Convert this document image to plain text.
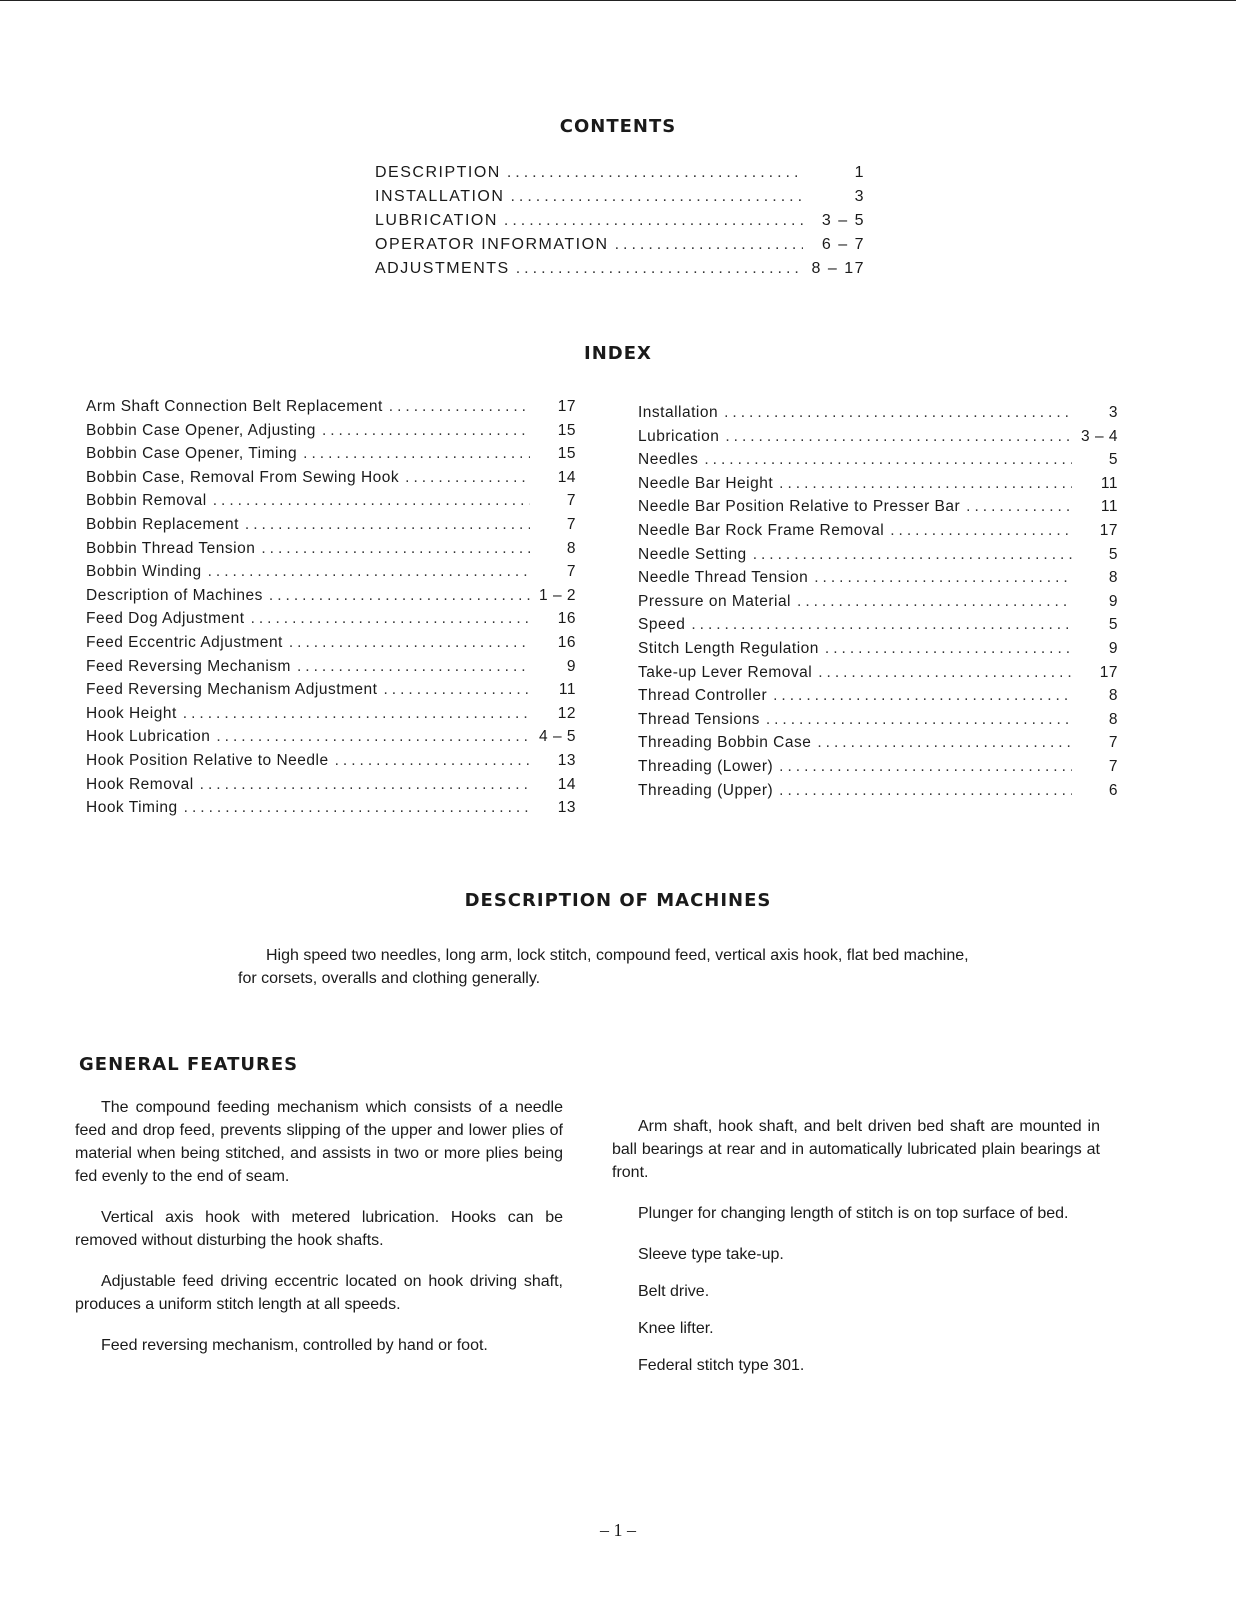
CONTENTS
DESCRIPTION .....	1
INSTALLATION .....	3
LUBRICATION .....	3 – 5
OPERATOR INFORMATION .....	6 – 7
ADJUSTMENTS .....	8 – 17
INDEX
Arm Shaft Connection Belt Replacement .....	17
Bobbin Case Opener, Adjusting .....	15
Bobbin Case Opener, Timing .....	15
Bobbin Case, Removal From Sewing Hook .....	14
Bobbin Removal .....	7
Bobbin Replacement .....	7
Bobbin Thread Tension .....	8
Bobbin Winding .....	7
Description of Machines .....	1 – 2
Feed Dog Adjustment .....	16
Feed Eccentric Adjustment .....	16
Feed Reversing Mechanism .....	9
Feed Reversing Mechanism Adjustment .....	11
Hook Height .....	12
Hook Lubrication .....	4 – 5
Hook Position Relative to Needle .....	13
Hook Removal .....	14
Hook Timing .....	13
Installation .....	3
Lubrication .....	3 – 4
Needles .....	5
Needle Bar Height .....	11
Needle Bar Position Relative to Presser Bar .....	11
Needle Bar Rock Frame Removal .....	17
Needle Setting .....	5
Needle Thread Tension .....	8
Pressure on Material .....	9
Speed .....	5
Stitch Length Regulation .....	9
Take-up Lever Removal .....	17
Thread Controller .....	8
Thread Tensions .....	8
Threading Bobbin Case .....	7
Threading (Lower) .....	7
Threading (Upper) .....	6
DESCRIPTION OF MACHINES

High speed two needles, long arm, lock stitch, compound feed, vertical axis hook, flat bed machine, for corsets, overalls and clothing generally.

GENERAL FEATURES

The compound feeding mechanism which consists of a needle feed and drop feed, prevents slipping of the upper and lower plies of material when being stitched, and assists in two or more plies being fed evenly to the end of seam.

Vertical axis hook with metered lubrication. Hooks can be removed without disturbing the hook shafts.

Adjustable feed driving eccentric located on hook driving shaft, produces a uniform stitch length at all speeds.

Feed reversing mechanism, controlled by hand or foot.

Arm shaft, hook shaft, and belt driven bed shaft are mounted in ball bearings at rear and in automatically lubricated plain bearings at front.

Plunger for changing length of stitch is on top surface of bed.

Sleeve type take-up.

Belt drive.

Knee lifter.

Federal stitch type 301.

– 1 –
